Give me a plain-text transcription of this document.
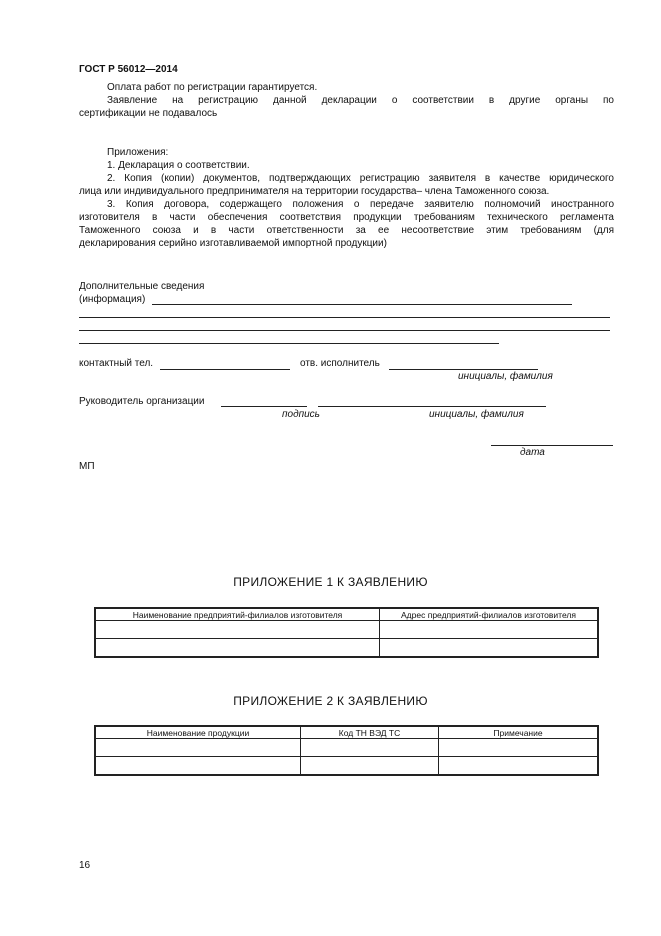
ГОСТ Р 56012—2014
Оплата работ по регистрации гарантируется.
Заявление на регистрацию данной декларации о соответствии в другие органы по
сертификации не подавалось
Приложения:
1. Декларация о соответствии.
2. Копия (копии) документов, подтверждающих регистрацию заявителя в качестве юридического
лица или индивидуального предпринимателя на территории государства– члена Таможенного союза.
3. Копия договора, содержащего положения о передаче заявителю полномочий иностранного
изготовителя в части обеспечения соответствия продукции требованиям технического регламента
Таможенного союза и в части ответственности за ее несоответствие этим требованиям (для
декларирования серийно изготавливаемой импортной продукции)
Дополнительные сведения
(информация)
контактный тел.	отв. исполнитель
инициалы, фамилия
Руководитель организации
подпись	инициалы, фамилия
дата
МП
ПРИЛОЖЕНИЕ 1 К ЗАЯВЛЕНИЮ
Наименование предприятий-филиалов изготовителя	Адрес предприятий-филиалов изготовителя

ПРИЛОЖЕНИЕ 2 К ЗАЯВЛЕНИЮ
Наименование продукции	Код ТН ВЭД ТС	Примечание

16
